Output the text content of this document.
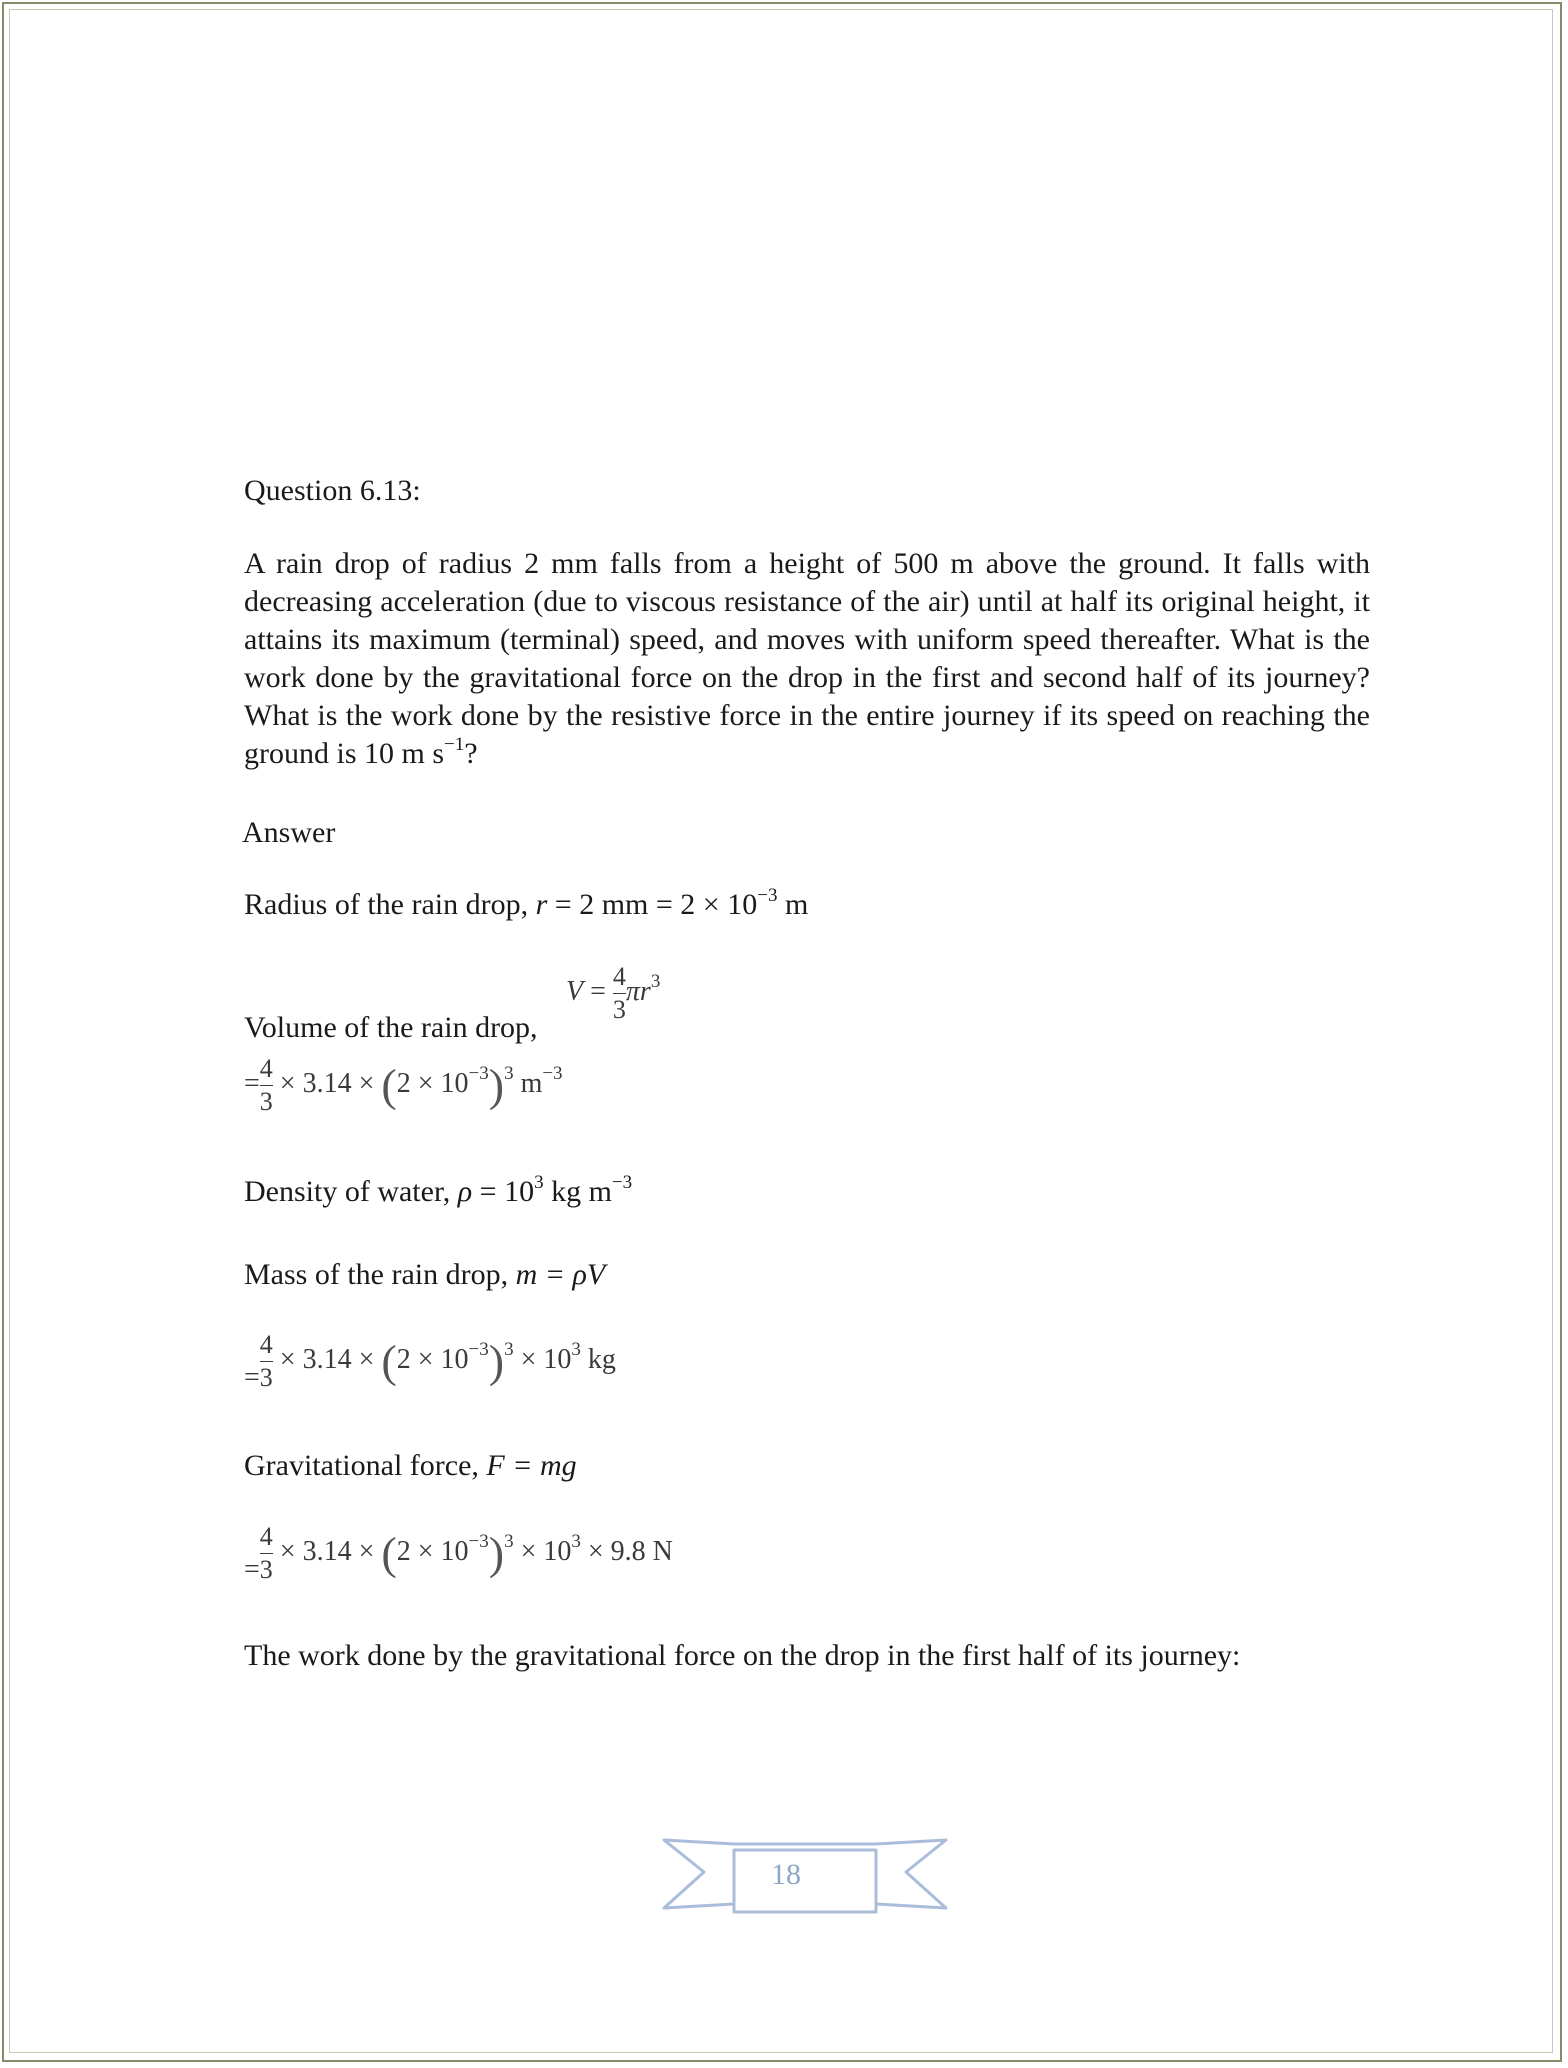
Question 6.13:
A rain drop of radius 2 mm falls from a height of 500 m above the ground. It falls with decreasing acceleration (due to viscous resistance of the air) until at half its original height, it attains its maximum (terminal) speed, and moves with uniform speed thereafter. What is the work done by the gravitational force on the drop in the first and second half of its journey? What is the work done by the resistive force in the entire journey if its speed on reaching the ground is 10 m $s^{-1}$?
Answer
Radius of the rain drop, r = 2 mm = $2 \times 10^{-3}$ m
$V = \frac{4}{3} \pi r^3$
Volume of the rain drop,
= $\frac{4}{3} \times 3.14 \times (2 \times 10^{-3})^3$ $m^{-3}$
Density of water, $\rho = 10^3$ kg $m^{-3}$
Mass of the rain drop, m = ρV
= $\frac{4}{3} \times 3.14 \times (2 \times 10^{-3})^3 \times 10^3$ kg
Gravitational force, F = mg
= $\frac{4}{3} \times 3.14 \times (2 \times 10^{-3})^3 \times 10^3 \times 9.8$ N
The work done by the gravitational force on the drop in the first half of its journey:
18
